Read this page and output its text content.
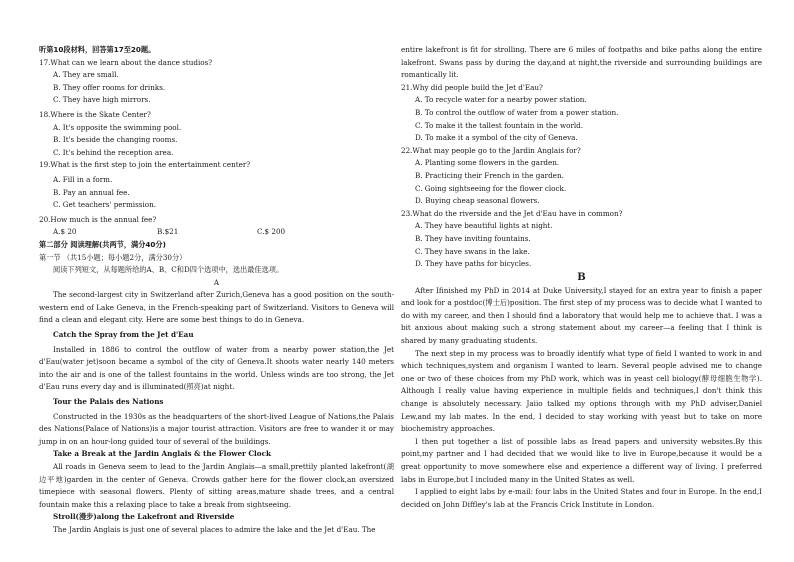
听第10段材料，回答第17至20题。
17.What can we learn about the dance studios?
A. They are small.
B. They offer rooms for drinks.
C. They have high mirrors.
18.Where is the Skate Center?
A. It's opposite the swimming pool.
B. It's beside the changing rooms.
C. It's behind the reception area.
19.What is the first step to join the entertainment center?
A. Fill in a form.
B. Pay an annual fee.
C. Get teachers' permission.
20.How much is the annual fee?
A.$ 20	B.$21	C.$ 200
第二部分 阅读理解(共两节，满分40分)
第一节 （共15小题；每小题2分，满分30分）
阅读下列短文，从每题所给的A、B、C和D四个选项中，选出最佳选项。
A
The second-largest city in Switzerland after Zurich,Geneva has a good position on the south-western end of Lake Geneva, in the French-speaking part of Switzerland. Visitors to Geneva will find a clean and elegant city. Here are some best things to do in Geneva.
Catch the Spray from the Jet d'Eau
Installed in 1886 to control the outflow of water from a nearby power station,the Jet d'Eau(water jet)soon became a symbol of the city of Geneva.It shoots water nearly 140 meters into the air and is one of the tallest fountains in the world. Unless winds are too strong, the Jet d'Eau runs every day and is illuminated(照亮)at night.
Tour the Palais des Nations
Constructed in the 1930s as the headquarters of the short-lived League of Nations,the Palais des Nations(Palace of Nations)is a major tourist attraction. Visitors are free to wander it or may jump in on an hour-long guided tour of several of the buildings.
Take a Break at the Jardin Anglais & the Flower Clock
All roads in Geneva seem to lead to the Jardin Anglais—a small,prettily planted lakefront(湖边平地)garden in the center of Geneva. Crowds gather here for the flower clock,an oversized timepiece with seasonal flowers. Plenty of sitting areas,mature shade trees, and a central fountain make this a relaxing place to take a break from sightseeing.
Stroll(漫步)along the Lakefront and Riverside
The Jardin Anglais is just one of several places to admire the lake and the Jet d'Eau. The
entire lakefront is fit for strolling. There are 6 miles of footpaths and bike paths along the entire lakefront. Swans pass by during the day,and at night,the riverside and surrounding buildings are romantically lit.
21.Why did people build the Jet d'Eau?
A. To recycle water for a nearby power station.
B. To control the outflow of water from a power station.
C. To make it the tallest fountain in the world.
D. To make it a symbol of the city of Geneva.
22.What may people go to the Jardin Anglais for?
A. Planting some flowers in the garden.
B. Practicing their French in the garden.
C. Going sightseeing for the flower clock.
D. Buying cheap seasonal flowers.
23.What do the riverside and the Jet d'Eau have in common?
A. They have beautiful lights at night.
B. They have inviting fountains.
C. They have swans in the lake.
D. They have paths for bicycles.
B
After Ifinished my PhD in 2014 at Duke University,I stayed for an extra year to finish a paper and look for a postdoc(博士后)position. The first step of my process was to decide what I wanted to do with my career, and then I should find a laboratory that would help me to achieve that. I was a bit anxious about making such a strong statement about my career—a feeling that I think is shared by many graduating students.
The next step in my process was to broadly identify what type of field I wanted to work in and which techniques,system and organism I wanted to learn. Several people advised me to change one or two of these choices from my PhD work, which was in yeast cell biology(酵母细胞生物学). Although I really value having experience in multiple fields and techniques,I don't think this change is absolutely necessary. Jaiio talked my options through with my PhD adviser,Daniel Lew,and my lab mates. In the end, I decided to stay working with yeast but to take on more biochemistry approaches.
I then put together a list of possible labs as Iread papers and university websites.By this point,my partner and I had decided that we would like to live in Europe,because it would be a great opportunity to move somewhere else and experience a different way of living. I preferred labs in Europe,but I included many in the United States as well.
I applied to eight labs by e-mail: four labs in the United States and four in Europe. In the end,I decided on John Diffley's lab at the Francis Crick Institute in London.
